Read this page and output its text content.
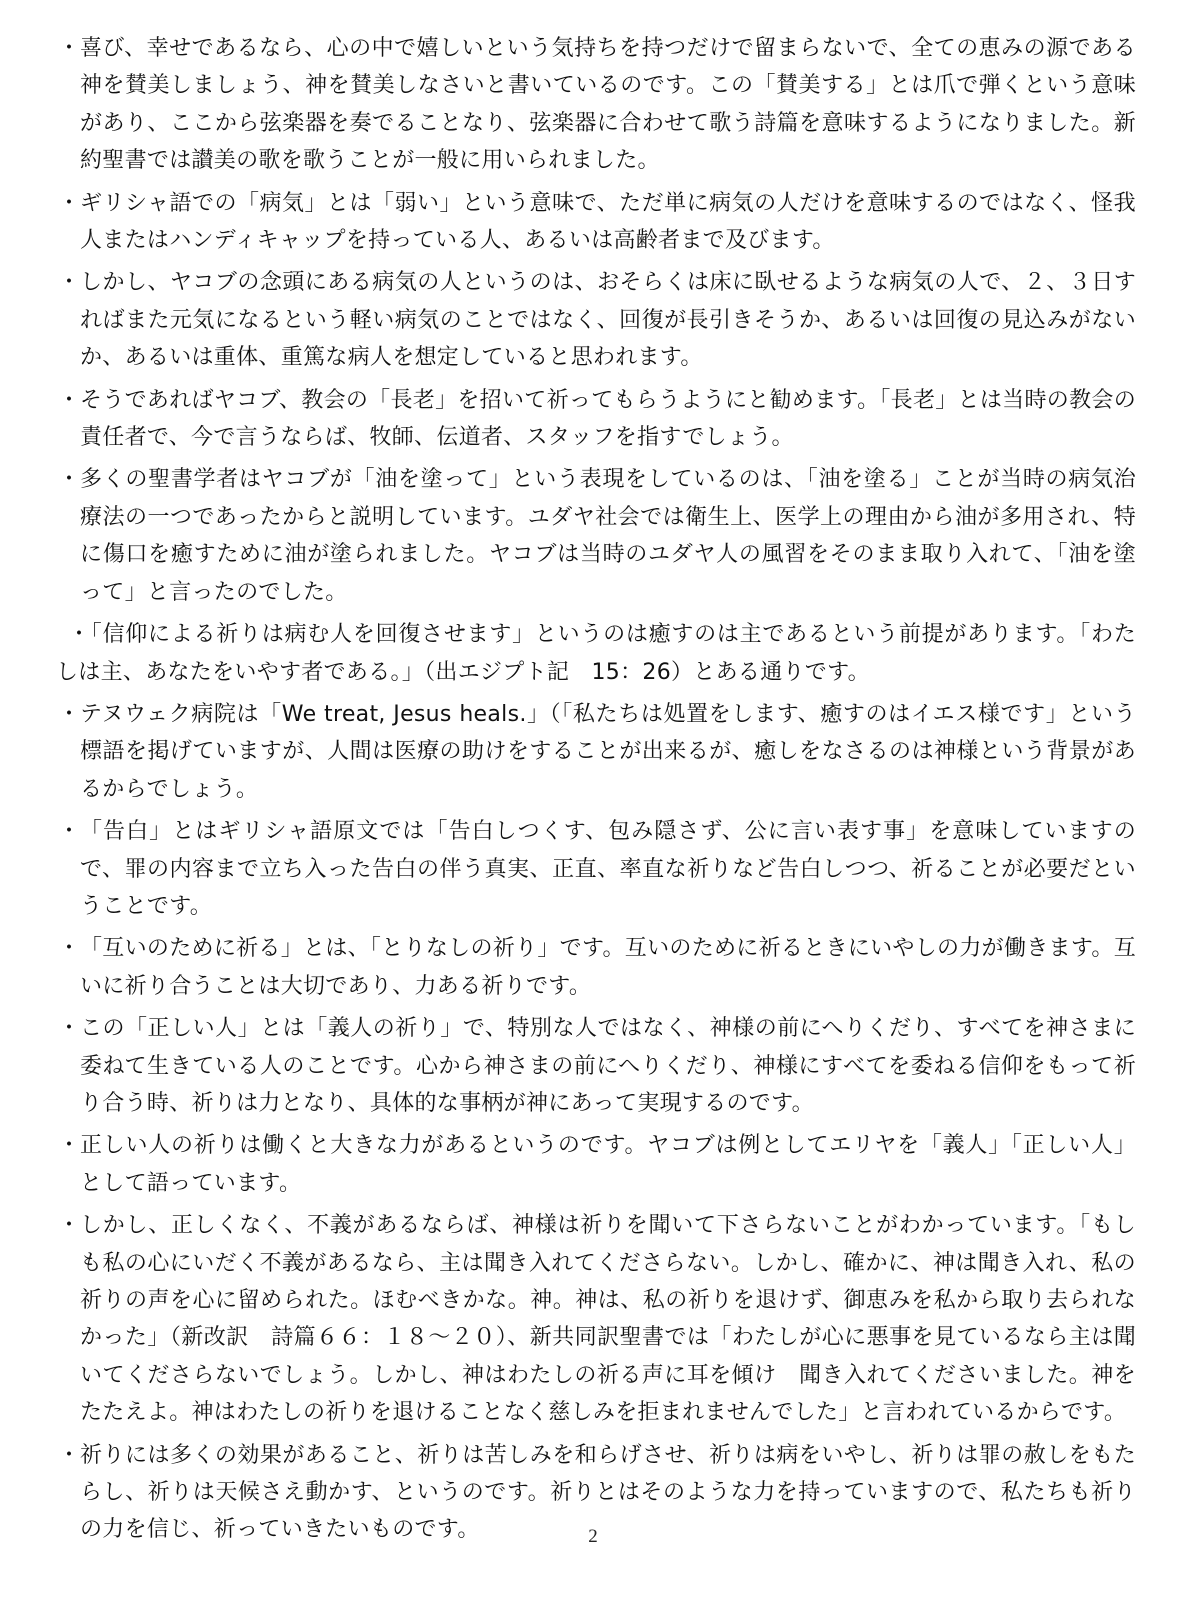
・ 喜び、幸せであるなら、心の中で嬉しいという気持ちを持つだけで留まらないで、全ての恵みの源である神を賛美しましょう、神を賛美しなさいと書いているのです。この「賛美する」とは爪で弾くという意味があり、ここから弦楽器を奏でることなり、弦楽器に合わせて歌う詩篇を意味するようになりました。新約聖書では讃美の歌を歌うことが一般に用いられました。
・ ギリシャ語での「病気」とは「弱い」という意味で、ただ単に病気の人だけを意味するのではなく、怪我人またはハンディキャップを持っている人、あるいは高齢者まで及びます。
・ しかし、ヤコブの念頭にある病気の人というのは、おそらくは床に臥せるような病気の人で、２、３日すればまた元気になるという軽い病気のことではなく、回復が長引きそうか、あるいは回復の見込みがないか、あるいは重体、重篤な病人を想定していると思われます。
・ そうであればヤコブ、教会の「長老」を招いて祈ってもらうようにと勧めます。「長老」とは当時の教会の責任者で、今で言うならば、牧師、伝道者、スタッフを指すでしょう。
・ 多くの聖書学者はヤコブが「油を塗って」という表現をしているのは、「油を塗る」ことが当時の病気治療法の一つであったからと説明しています。ユダヤ社会では衛生上、医学上の理由から油が多用され、特に傷口を癒すために油が塗られました。ヤコブは当時のユダヤ人の風習をそのまま取り入れて、「油を塗って」と言ったのでした。
・「信仰による祈りは病む人を回復させます」というのは癒すのは主であるという前提があります。「わたしは主、あなたをいやす者である。」（出エジプト記　15：26）とある通りです。
・ テヌウェク病院は「We treat, Jesus heals.」（「私たちは処置をします、癒すのはイエス様です」という標語を掲げていますが、人間は医療の助けをすることが出来るが、癒しをなさるのは神様という背景があるからでしょう。
・ 「告白」とはギリシャ語原文では「告白しつくす、包み隠さず、公に言い表す事」を意味していますので、罪の内容まで立ち入った告白の伴う真実、正直、率直な祈りなど告白しつつ、祈ることが必要だということです。
・ 「互いのために祈る」とは、「とりなしの祈り」です。互いのために祈るときにいやしの力が働きます。互いに祈り合うことは大切であり、力ある祈りです。
・ この「正しい人」とは「義人の祈り」で、特別な人ではなく、神様の前にへりくだり、すべてを神さまに委ねて生きている人のことです。心から神さまの前にへりくだり、神様にすべてを委ねる信仰をもって祈り合う時、祈りは力となり、具体的な事柄が神にあって実現するのです。
・ 正しい人の祈りは働くと大きな力があるというのです。ヤコブは例としてエリヤを「義人」「正しい人」として語っています。
・ しかし、正しくなく、不義があるならば、神様は祈りを聞いて下さらないことがわかっています。「もしも私の心にいだく不義があるなら、主は聞き入れてくださらない。しかし、確かに、神は聞き入れ、私の祈りの声を心に留められた。ほむべきかな。神。神は、私の祈りを退けず、御恵みを私から取り去られなかった」（新改訳　詩篇６６：１８～２０）、新共同訳聖書では「わたしが心に悪事を見ているなら主は聞いてくださらないでしょう。しかし、神はわたしの祈る声に耳を傾け　聞き入れてくださいました。神をたたえよ。神はわたしの祈りを退けることなく慈しみを拒まれませんでした」と言われているからです。
・ 祈りには多くの効果があること、祈りは苦しみを和らげさせ、祈りは病をいやし、祈りは罪の赦しをもたらし、祈りは天候さえ動かす、というのです。祈りとはそのような力を持っていますので、私たちも祈りの力を信じ、祈っていきたいものです。	2
